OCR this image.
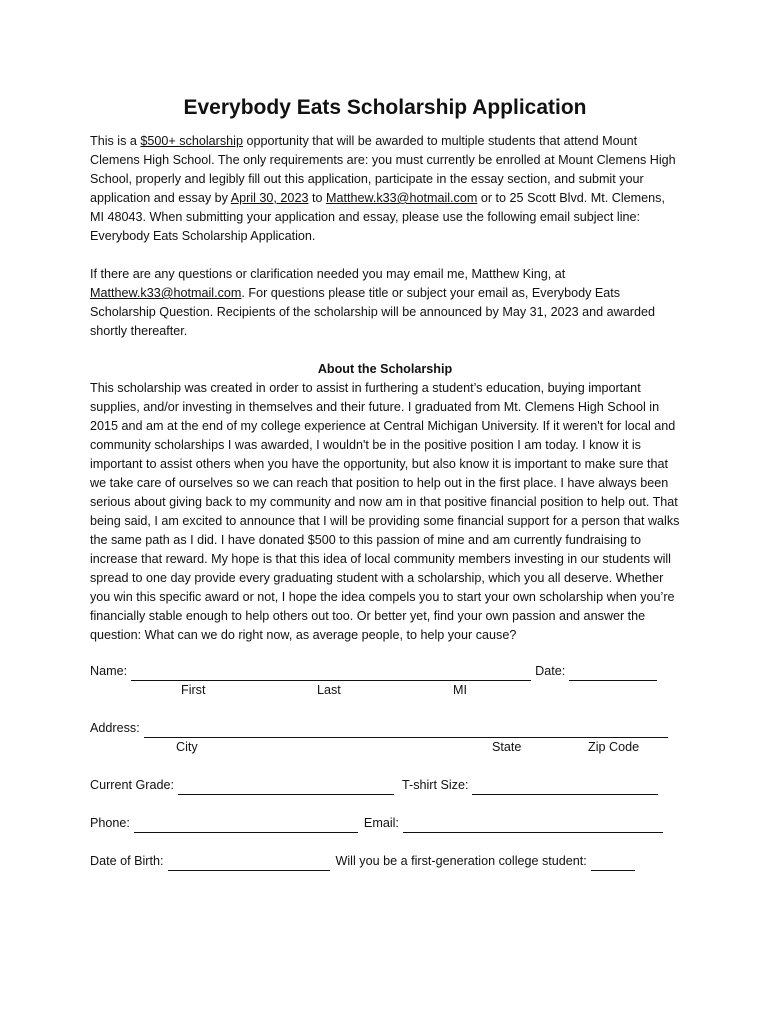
Everybody Eats Scholarship Application

This is a $500+ scholarship opportunity that will be awarded to multiple students that attend Mount Clemens High School. The only requirements are: you must currently be enrolled at Mount Clemens High School, properly and legibly fill out this application, participate in the essay section, and submit your application and essay by April 30, 2023 to Matthew.k33@hotmail.com or to 25 Scott Blvd. Mt. Clemens, MI 48043. When submitting your application and essay, please use the following email subject line: Everybody Eats Scholarship Application.

If there are any questions or clarification needed you may email me, Matthew King, at Matthew.k33@hotmail.com. For questions please title or subject your email as, Everybody Eats Scholarship Question. Recipients of the scholarship will be announced by May 31, 2023 and awarded shortly thereafter.

About the Scholarship

This scholarship was created in order to assist in furthering a student’s education, buying important supplies, and/or investing in themselves and their future. I graduated from Mt. Clemens High School in 2015 and am at the end of my college experience at Central Michigan University. If it weren't for local and community scholarships I was awarded, I wouldn't be in the positive position I am today. I know it is important to assist others when you have the opportunity, but also know it is important to make sure that we take care of ourselves so we can reach that position to help out in the first place. I have always been serious about giving back to my community and now am in that positive financial position to help out. That being said, I am excited to announce that I will be providing some financial support for a person that walks the same path as I did. I have donated $500 to this passion of mine and am currently fundraising to increase that reward. My hope is that this idea of local community members investing in our students will spread to one day provide every graduating student with a scholarship, which you all deserve. Whether you win this specific award or not, I hope the idea compels you to start your own scholarship when you’re financially stable enough to help others out too. Or better yet, find your own passion and answer the question: What can we do right now, as average people, to help your cause?

Name:	Date:
First	Last	MI
Address:
City	State	Zip Code
Current Grade:	T-shirt Size:
Phone:	Email:
Date of Birth:	Will you be a first-generation college student:
